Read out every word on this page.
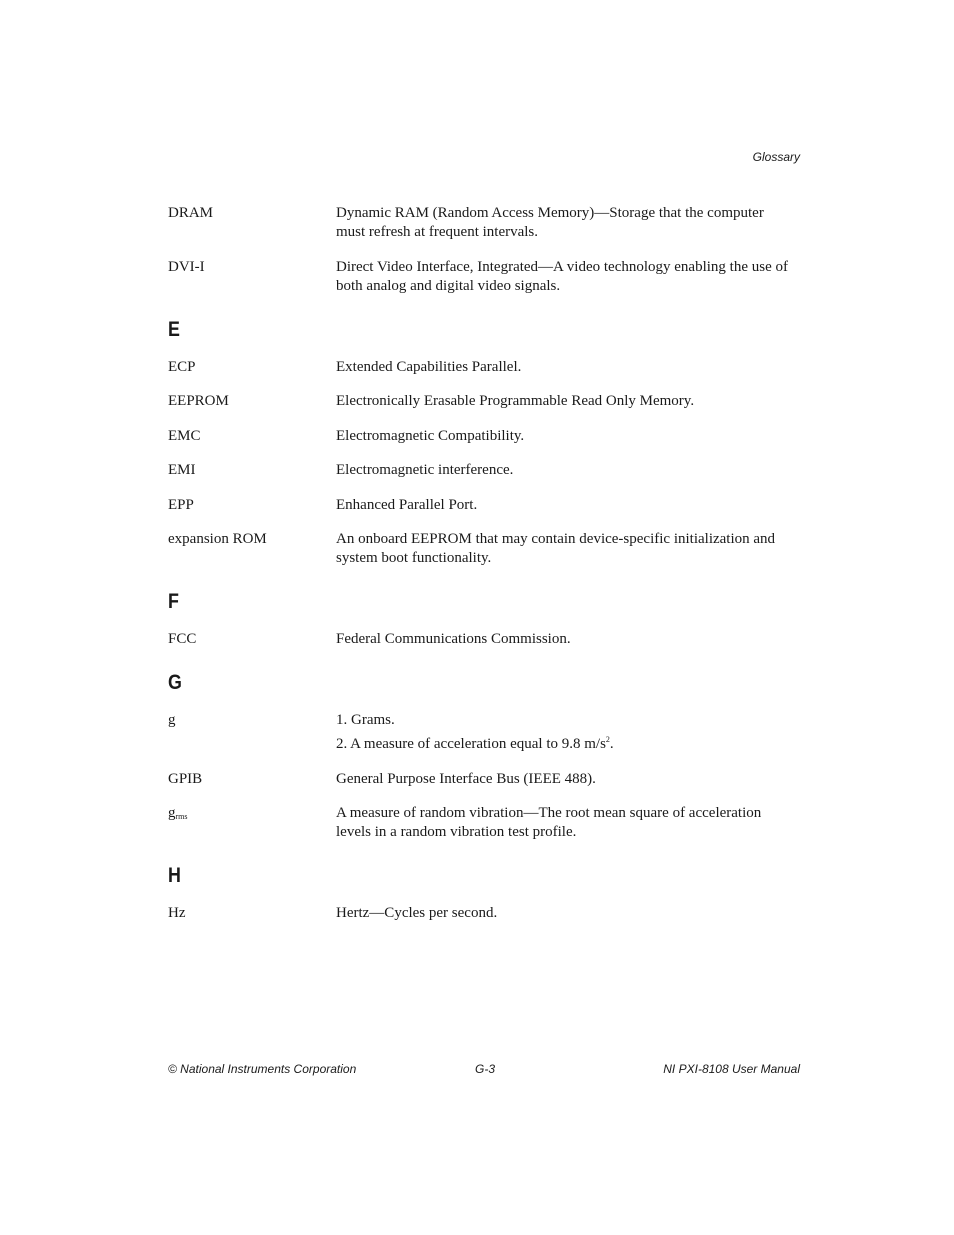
Glossary
DRAM	Dynamic RAM (Random Access Memory)—Storage that the computer
must refresh at frequent intervals.
DVI-I	Direct Video Interface, Integrated—A video technology enabling the use of
both analog and digital video signals.
E
ECP	Extended Capabilities Parallel.
EEPROM	Electronically Erasable Programmable Read Only Memory.
EMC	Electromagnetic Compatibility.
EMI	Electromagnetic interference.
EPP	Enhanced Parallel Port.
expansion ROM	An onboard EEPROM that may contain device-specific initialization and
system boot functionality.
F
FCC	Federal Communications Commission.
G
g	1. Grams.
2. A measure of acceleration equal to 9.8 $m/s^2$.
GPIB	General Purpose Interface Bus (IEEE 488).
$g_{rms}$	A measure of random vibration—The root mean square of acceleration
levels in a random vibration test profile.
H
Hz	Hertz—Cycles per second.
© National Instruments Corporation	G-3	NI PXI-8108 User Manual
